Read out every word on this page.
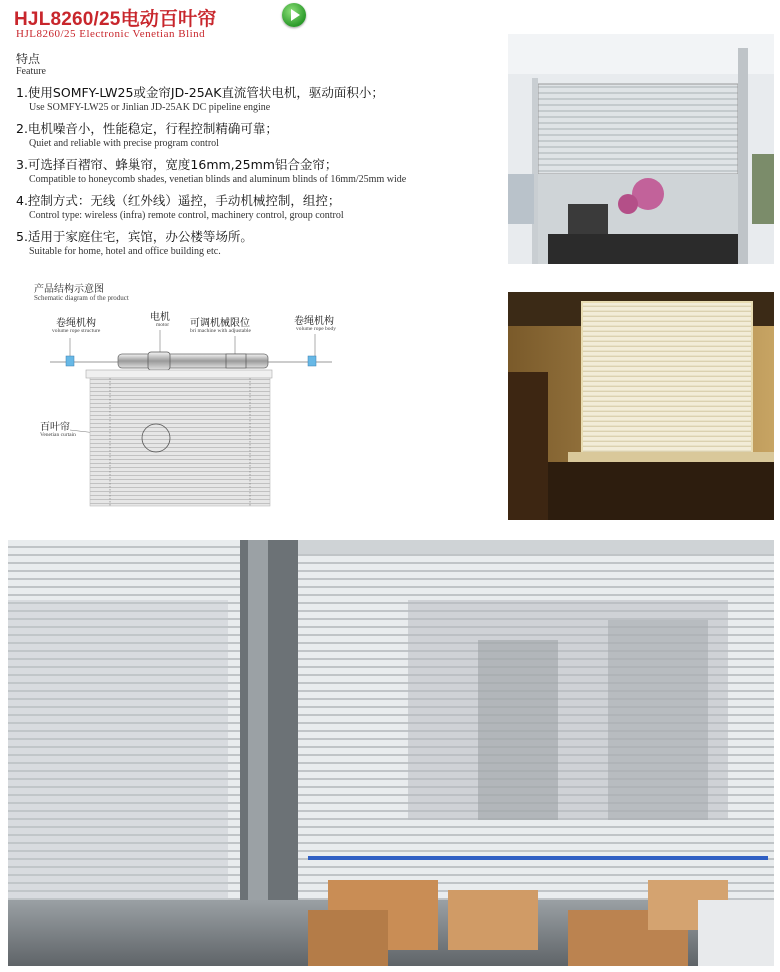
HJL8260/25电动百叶帘
HJL8260/25 Electronic Venetian Blind
特点
Feature
1.使用SOMFY-LW25或金帘JD-25AK直流管状电机，驱动面积小；
Use SOMFY-LW25 or Jinlian JD-25AK DC pipeline engine
2.电机噪音小，性能稳定，行程控制精确可靠；
Quiet and reliable with precise program control
3.可选择百褶帘、蜂巢帘，宽度16mm,25mm铝合金帘；
Compatible to honeycomb shades, venetian blinds and aluminum blinds of 16mm/25mm wide
4.控制方式：无线（红外线）遥控，手动机械控制，组控；
Control type: wireless (infra) remote control, machinery control, group control
5.适用于家庭住宅，宾馆，办公楼等场所。
Suitable for home, hotel and office building etc.
产品结构示意图
Schematic diagram of the product
卷绳机构
volume rope structure
电机
motor 可调机械限位
bri machine with adjustable
卷绳机构
volume rope body
百叶帘
Venetian curtain
